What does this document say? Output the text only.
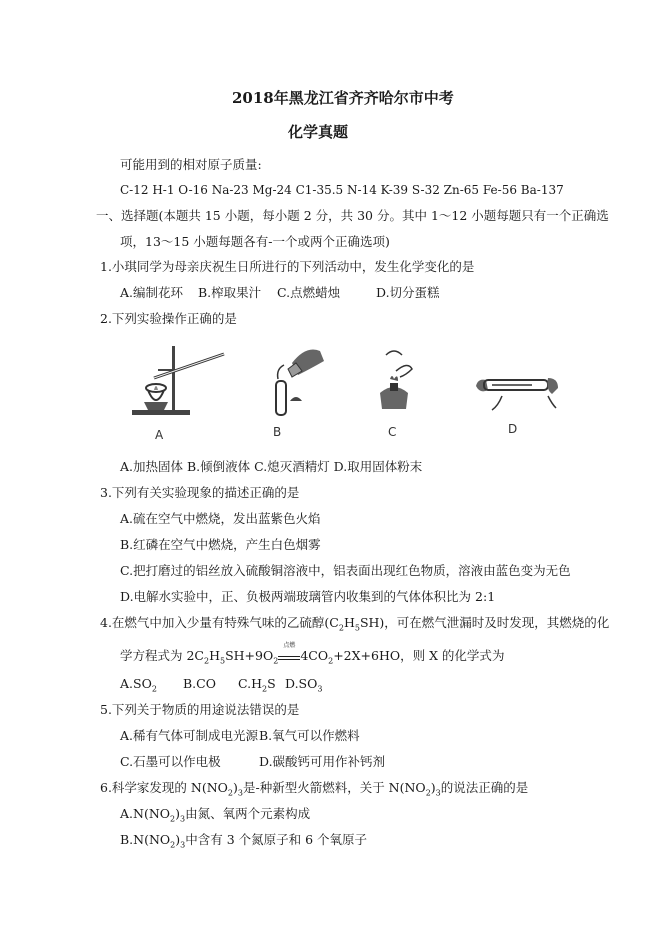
2018年黑龙江省齐齐哈尔市中考
化学真题
可能用到的相对原子质量:
C-12 H-1 O-16 Na-23 Mg-24 C1-35.5 N-14 K-39 S-32 Zn-65 Fe-56 Ba-137
一、选择题(本题共 15 小题，每小题 2 分，共 30 分。其中 1～12 小题每题只有一个正确选
项，13～15 小题每题各有-一个或两个正确选项)
1.小琪同学为母亲庆祝生日所进行的下列活动中，发生化学变化的是
A.编制花环 B.榨取果汁 C.点燃蜡烛	D.切分蛋糕
2.下列实验操作正确的是
A	B	C	D
A.加热固体 B.倾倒液体 C.熄灭酒精灯 D.取用固体粉末
3.下列有关实验现象的描述正确的是
A.硫在空气中燃烧，发出蓝紫色火焰
B.红磷在空气中燃烧，产生白色烟雾
C.把打磨过的铝丝放入硫酸铜溶液中，铝表面出现红色物质，溶液由蓝色变为无色
D.电解水实验中，正、负极两端玻璃管内收集到的气体体积比为 2:1
4.在燃气中加入少量有特殊气味的乙硫醇$(C_2H_5SH)$，可在燃气泄漏时及时发现，其燃烧的化
学方程式为 $2C_2H_5SH+9O_2$
点燃
$4CO_2+2X+6HO$，则 X 的化学式为
$A.SO_2$ B.CO $C.H_2S$ $D.SO_3$
5.下列关于物质的用途说法错误的是
A.稀有气体可制成电光源 B.氧气可以作燃料
C.石墨可以作电极	D.碳酸钙可用作补钙剂
6.科学家发现的 $N(NO_2)_3$是-种新型火箭燃料，关于 $N(NO_2)_3$的说法正确的是
$A.N(NO_2)_3$由氮、氧两个元素构成
$B.N(NO_2)_3$中含有 3 个氮原子和 6 个氧原子
